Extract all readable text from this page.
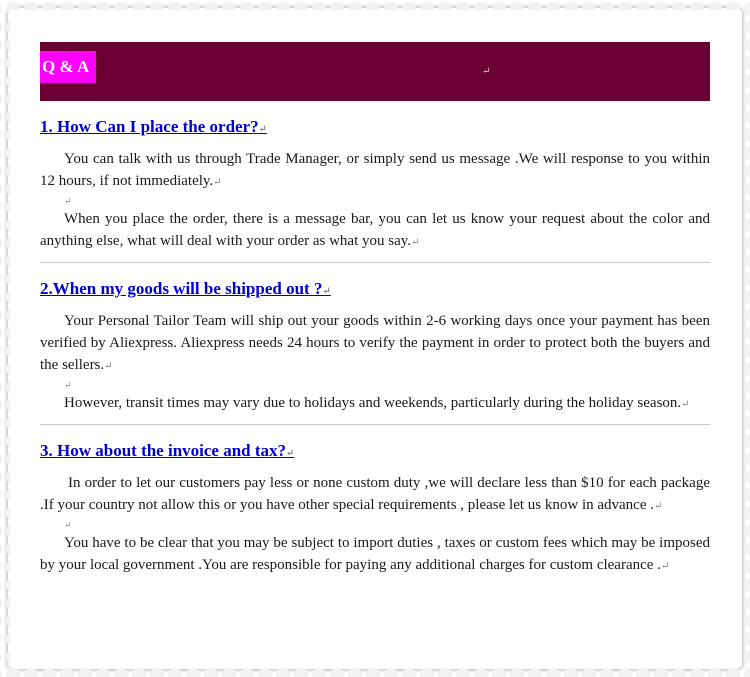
Q & A	↵
1. How Can I place the order?↵

You can talk with us through Trade Manager, or simply send us message .We will response to you within 12 hours, if not immediately.↵

↵

When you place the order, there is a message bar, you can let us know your request about the color and anything else, what will deal with your order as what you say.↵

2.When my goods will be shipped out ?↵

Your Personal Tailor Team will ship out your goods within 2-6 working days once your payment has been verified by Aliexpress. Aliexpress needs 24 hours to verify the payment in order to protect both the buyers and the sellers.↵

↵

However, transit times may vary due to holidays and weekends, particularly during the holiday season.↵

3. How about the invoice and tax?↵

In order to let our customers pay less or none custom duty ,we will declare less than $10 for each package .If your country not allow this or you have other special requirements , please let us know in advance .↵

↵

You have to be clear that you may be subject to import duties , taxes or custom fees which may be imposed by your local government .You are responsible for paying any additional charges for custom clearance .↵
